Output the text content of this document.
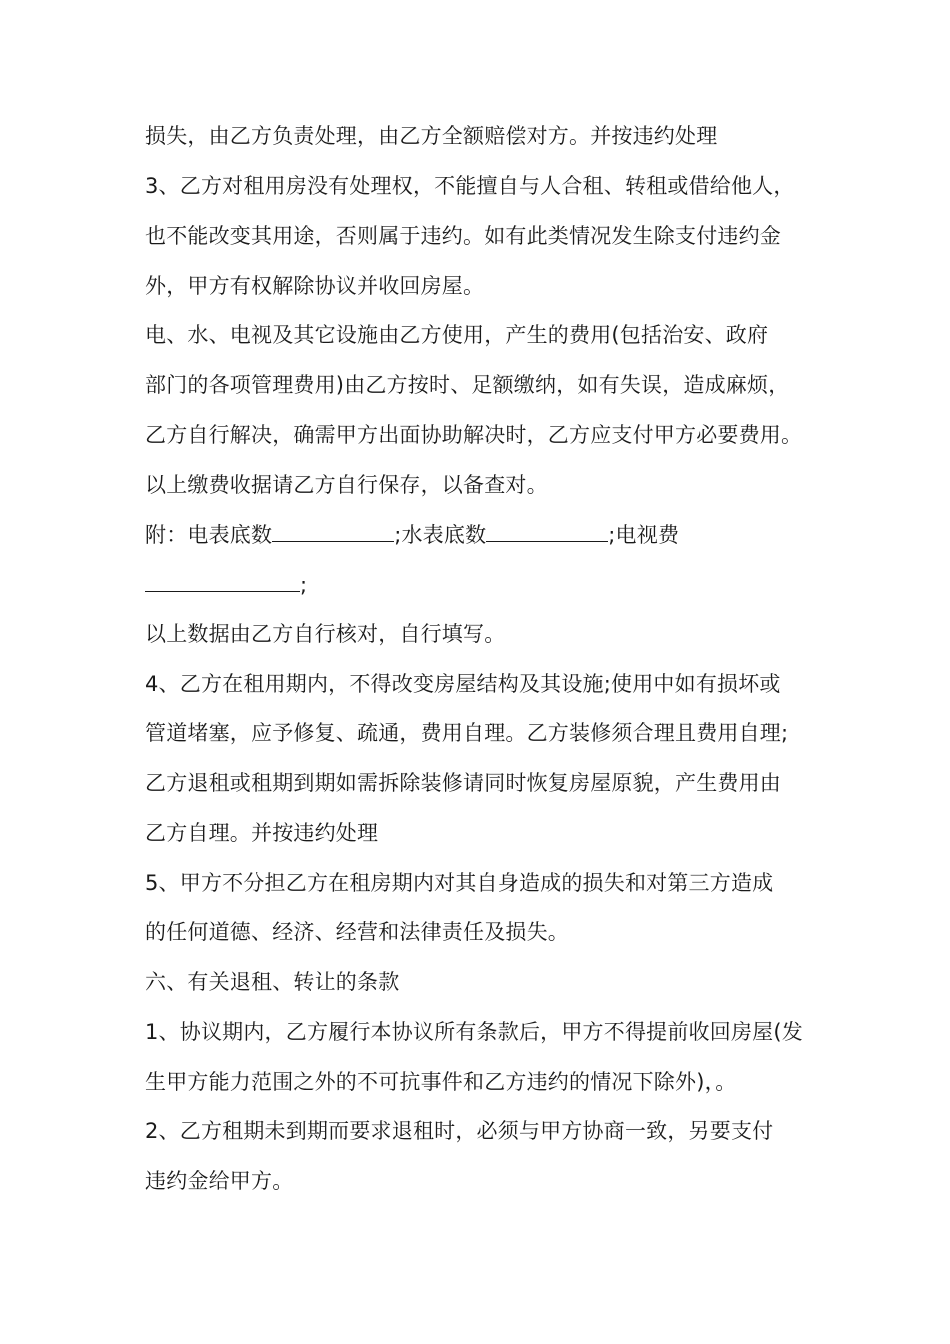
损失，由乙方负责处理，由乙方全额赔偿对方。并按违约处理
3、乙方对租用房没有处理权，不能擅自与人合租、转租或借给他人，
也不能改变其用途，否则属于违约。如有此类情况发生除支付违约金
外，甲方有权解除协议并收回房屋。
电、水、电视及其它设施由乙方使用，产生的费用(包括治安、政府
部门的各项管理费用)由乙方按时、足额缴纳，如有失误，造成麻烦，
乙方自行解决，确需甲方出面协助解决时，乙方应支付甲方必要费用。
以上缴费收据请乙方自行保存，以备查对。
附：电表底数	;水表底数	;电视费
;
以上数据由乙方自行核对，自行填写。
4、乙方在租用期内，不得改变房屋结构及其设施;使用中如有损坏或
管道堵塞，应予修复、疏通，费用自理。乙方装修须合理且费用自理;
乙方退租或租期到期如需拆除装修请同时恢复房屋原貌，产生费用由
乙方自理。并按违约处理
5、甲方不分担乙方在租房期内对其自身造成的损失和对第三方造成
的任何道德、经济、经营和法律责任及损失。
六、有关退租、转让的条款
1、协议期内，乙方履行本协议所有条款后，甲方不得提前收回房屋(发
生甲方能力范围之外的不可抗事件和乙方违约的情况下除外)，。
2、乙方租期未到期而要求退租时，必须与甲方协商一致，另要支付
违约金给甲方。
